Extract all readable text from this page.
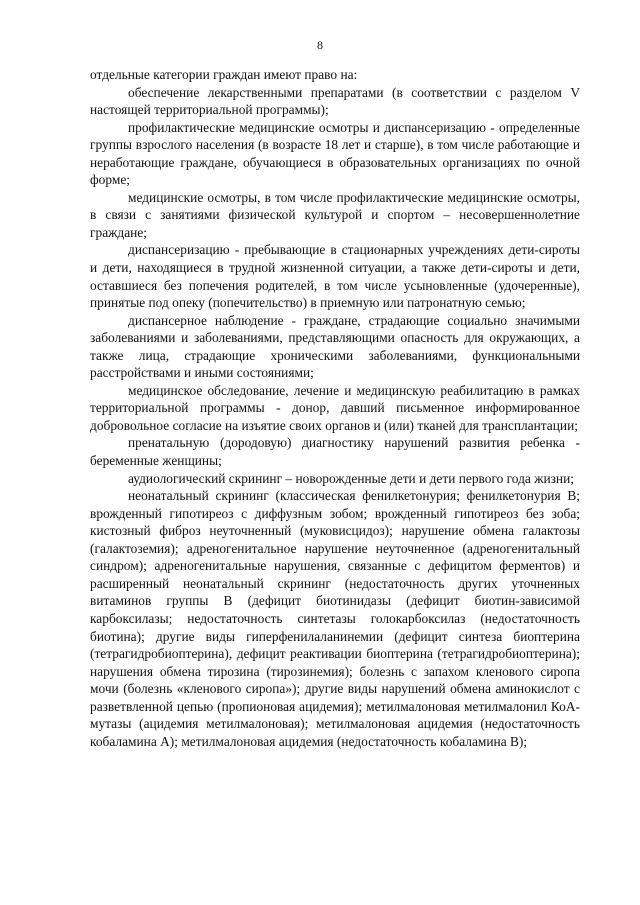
8

отдельные категории граждан имеют право на:

обеспечение лекарственными препаратами (в соответствии с разделом V настоящей территориальной программы);

профилактические медицинские осмотры и диспансеризацию - определенные группы взрослого населения (в возрасте 18 лет и старше), в том числе работающие и неработающие граждане, обучающиеся в образовательных организациях по очной форме;

медицинские осмотры, в том числе профилактические медицинские осмотры, в связи с занятиями физической культурой и спортом – несовершеннолетние граждане;

диспансеризацию - пребывающие в стационарных учреждениях дети-сироты и дети, находящиеся в трудной жизненной ситуации, а также дети-сироты и дети, оставшиеся без попечения родителей, в том числе усыновленные (удочеренные), принятые под опеку (попечительство) в приемную или патронатную семью;

диспансерное наблюдение - граждане, страдающие социально значимыми заболеваниями и заболеваниями, представляющими опасность для окружающих, а также лица, страдающие хроническими заболеваниями, функциональными расстройствами и иными состояниями;

медицинское обследование, лечение и медицинскую реабилитацию в рамках территориальной программы - донор, давший письменное информированное добровольное согласие на изъятие своих органов и (или) тканей для трансплантации;

пренатальную (дородовую) диагностику нарушений развития ребенка - беременные женщины;

аудиологический скрининг – новорожденные дети и дети первого года жизни;

неонатальный скрининг (классическая фенилкетонурия; фенилкетонурия В; врожденный гипотиреоз с диффузным зобом; врожденный гипотиреоз без зоба; кистозный фиброз неуточненный (муковисцидоз); нарушение обмена галактозы (галактоземия); адреногенитальное нарушение неуточненное (адреногенитальный синдром); адреногенитальные нарушения, связанные с дефицитом ферментов) и расширенный неонатальный скрининг (недостаточность других уточненных витаминов группы В (дефицит биотинидазы (дефицит биотин-зависимой карбоксилазы; недостаточность синтетазы голокарбоксилаз (недостаточность биотина); другие виды гиперфенилаланинемии (дефицит синтеза биоптерина (тетрагидробиоптерина), дефицит реактивации биоптерина (тетрагидробиоптерина); нарушения обмена тирозина (тирозинемия); болезнь с запахом кленового сиропа мочи (болезнь «кленового сиропа»); другие виды нарушений обмена аминокислот с разветвленной цепью (пропионовая ацидемия); метилмалоновая метилмалонил КоА-мутазы (ацидемия метилмалоновая); метилмалоновая ацидемия (недостаточность кобаламина А); метилмалоновая ацидемия (недостаточность кобаламина В);
